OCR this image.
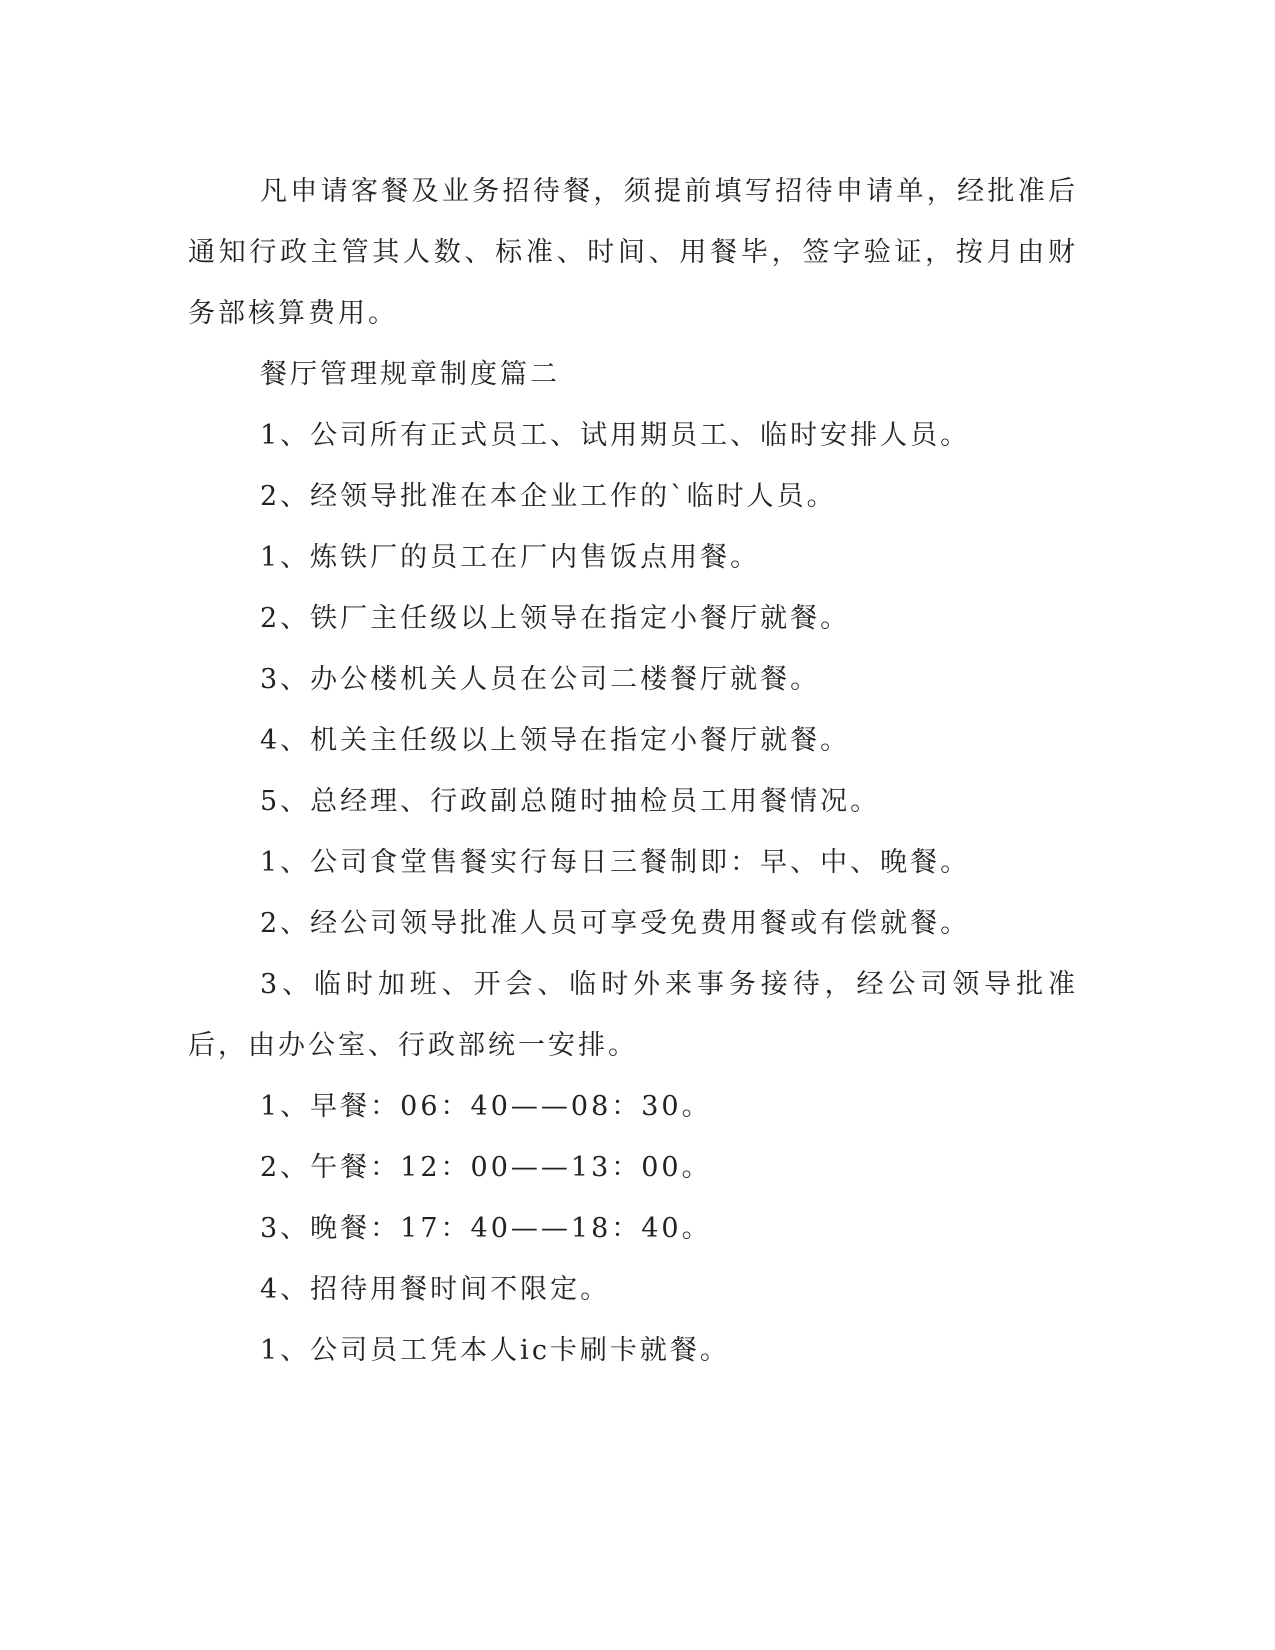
凡申请客餐及业务招待餐，须提前填写招待申请单，经批准后通知行政主管其人数、标准、时间、用餐毕，签字验证，按月由财务部核算费用。

餐厅管理规章制度篇二

1、公司所有正式员工、试用期员工、临时安排人员。

2、经领导批准在本企业工作的`临时人员。

1、炼铁厂的员工在厂内售饭点用餐。

2、铁厂主任级以上领导在指定小餐厅就餐。

3、办公楼机关人员在公司二楼餐厅就餐。

4、机关主任级以上领导在指定小餐厅就餐。

5、总经理、行政副总随时抽检员工用餐情况。

1、公司食堂售餐实行每日三餐制即：早、中、晚餐。

2、经公司领导批准人员可享受免费用餐或有偿就餐。

3、临时加班、开会、临时外来事务接待，经公司领导批准后，由办公室、行政部统一安排。

1、早餐：06：40——08：30。

2、午餐：12：00——13：00。

3、晚餐：17：40——18：40。

4、招待用餐时间不限定。

1、公司员工凭本人ic卡刷卡就餐。
